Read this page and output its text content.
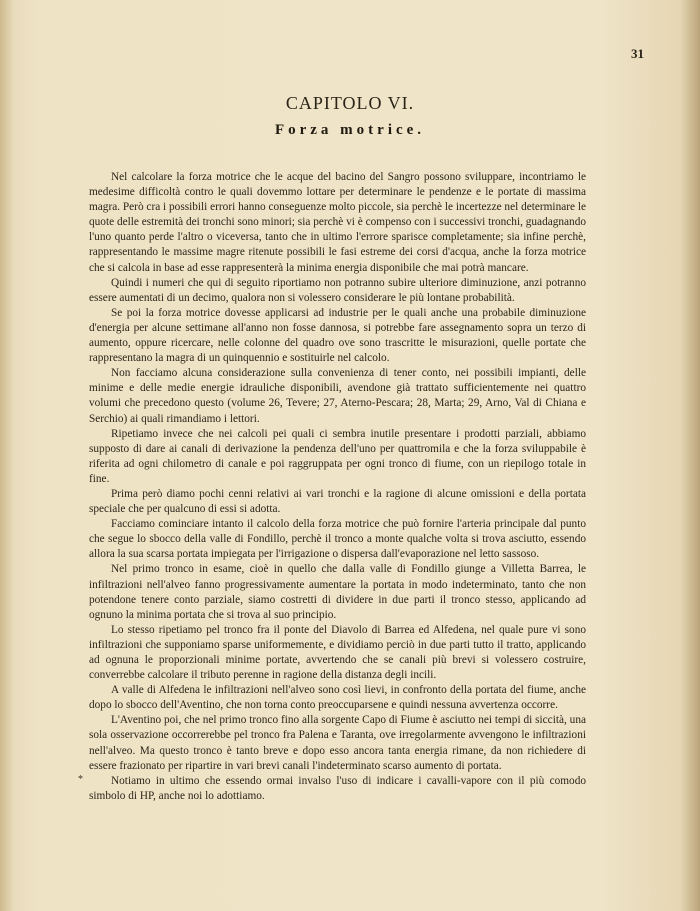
31
CAPITOLO VI.
Forza motrice.

Nel calcolare la forza motrice che le acque del bacino del Sangro possono sviluppare, incontriamo le medesime difficoltà contro le quali dovemmo lottare per determinare le pendenze e le portate di massima magra. Però cra i possibili errori hanno conseguenze molto piccole, sia perchè le incertezze nel determinare le quote delle estremità dei tronchi sono minori; sia perchè vi è compenso con i successivi tronchi, guadagnando l'uno quanto perde l'altro o viceversa, tanto che in ultimo l'errore sparisce completamente; sia infine perchè, rappresentando le massime magre ritenute possibili le fasi estreme dei corsi d'acqua, anche la forza motrice che si calcola in base ad esse rappresenterà la minima energia disponibile che mai potrà mancare.

Quindi i numeri che qui di seguito riportiamo non potranno subire ulteriore diminuzione, anzi potranno essere aumentati di un decimo, qualora non si volessero considerare le più lontane probabilità.

Se poi la forza motrice dovesse applicarsi ad industrie per le quali anche una probabile diminuzione d'energia per alcune settimane all'anno non fosse dannosa, si potrebbe fare assegnamento sopra un terzo di aumento, oppure ricercare, nelle colonne del quadro ove sono trascritte le misurazioni, quelle portate che rappresentano la magra di un quinquennio e sostituirle nel calcolo.

Non facciamo alcuna considerazione sulla convenienza di tener conto, nei possibili impianti, delle minime e delle medie energie idrauliche disponibili, avendone già trattato sufficientemente nei quattro volumi che precedono questo (volume 26, Tevere; 27, Aterno-Pescara; 28, Marta; 29, Arno, Val di Chiana e Serchio) ai quali rimandiamo i lettori.

Ripetiamo invece che nei calcoli pei quali ci sembra inutile presentare i prodotti parziali, abbiamo supposto di dare ai canali di derivazione la pendenza dell'uno per quattromila e che la forza sviluppabile è riferita ad ogni chilometro di canale e poi raggruppata per ogni tronco di fiume, con un riepilogo totale in fine.

Prima però diamo pochi cenni relativi ai vari tronchi e la ragione di alcune omissioni e della portata speciale che per qualcuno di essi si adotta.

Facciamo cominciare intanto il calcolo della forza motrice che può fornire l'arteria principale dal punto che segue lo sbocco della valle di Fondillo, perchè il tronco a monte qualche volta si trova asciutto, essendo allora la sua scarsa portata impiegata per l'irrigazione o dispersa dall'evaporazione nel letto sassoso.

Nel primo tronco in esame, cioè in quello che dalla valle di Fondillo giunge a Villetta Barrea, le infiltrazioni nell'alveo fanno progressivamente aumentare la portata in modo indeterminato, tanto che non potendone tenere conto parziale, siamo costretti di dividere in due parti il tronco stesso, applicando ad ognuno la minima portata che si trova al suo principio.

Lo stesso ripetiamo pel tronco fra il ponte del Diavolo di Barrea ed Alfedena, nel quale pure vi sono infiltrazioni che supponiamo sparse uniformemente, e dividiamo perciò in due parti tutto il tratto, applicando ad ognuna le proporzionali minime portate, avvertendo che se canali più brevi si volessero costruire, converrebbe calcolare il tributo perenne in ragione della distanza degli incili.

A valle di Alfedena le infiltrazioni nell'alveo sono così lievi, in confronto della portata del fiume, anche dopo lo sbocco dell'Aventino, che non torna conto preoccuparsene e quindi nessuna avvertenza occorre.

L'Aventino poi, che nel primo tronco fino alla sorgente Capo di Fiume è asciutto nei tempi di siccità, una sola osservazione occorrerebbe pel tronco fra Palena e Taranta, ove irregolarmente avvengono le infiltrazioni nell'alveo. Ma questo tronco è tanto breve e dopo esso ancora tanta energia rimane, da non richiedere di essere frazionato per ripartire in vari brevi canali l'indeterminato scarso aumento di portata.

Notiamo in ultimo che essendo ormai invalso l'uso di indicare i cavalli-vapore con il più comodo simbolo di HP, anche noi lo adottiamo.

*
